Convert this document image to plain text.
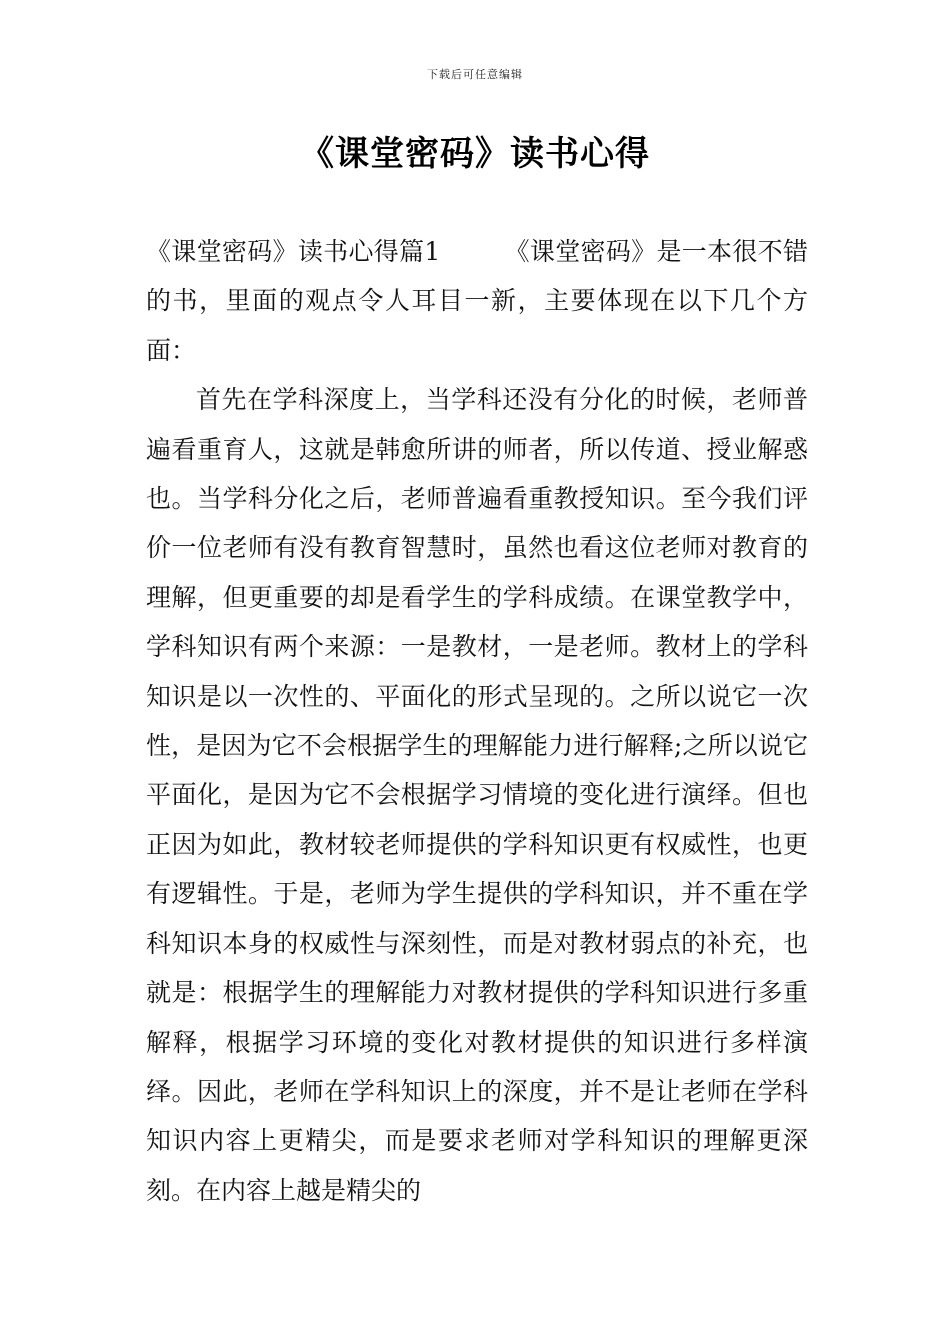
下载后可任意编辑
《课堂密码》读书心得

《课堂密码》读书心得篇1	《课堂密码》是一本很不错的书，里面的观点令人耳目一新，主要体现在以下几个方面：

首先在学科深度上，当学科还没有分化的时候，老师普遍看重育人，这就是韩愈所讲的师者，所以传道、授业解惑也。当学科分化之后，老师普遍看重教授知识。至今我们评价一位老师有没有教育智慧时，虽然也看这位老师对教育的理解，但更重要的却是看学生的学科成绩。在课堂教学中，学科知识有两个来源：一是教材，一是老师。教材上的学科知识是以一次性的、平面化的形式呈现的。之所以说它一次性，是因为它不会根据学生的理解能力进行解释;之所以说它平面化，是因为它不会根据学习情境的变化进行演绎。但也正因为如此，教材较老师提供的学科知识更有权威性，也更有逻辑性。于是，老师为学生提供的学科知识，并不重在学科知识本身的权威性与深刻性，而是对教材弱点的补充，也就是：根据学生的理解能力对教材提供的学科知识进行多重解释，根据学习环境的变化对教材提供的知识进行多样演绎。因此，老师在学科知识上的深度，并不是让老师在学科知识内容上更精尖，而是要求老师对学科知识的理解更深刻。在内容上越是精尖的
